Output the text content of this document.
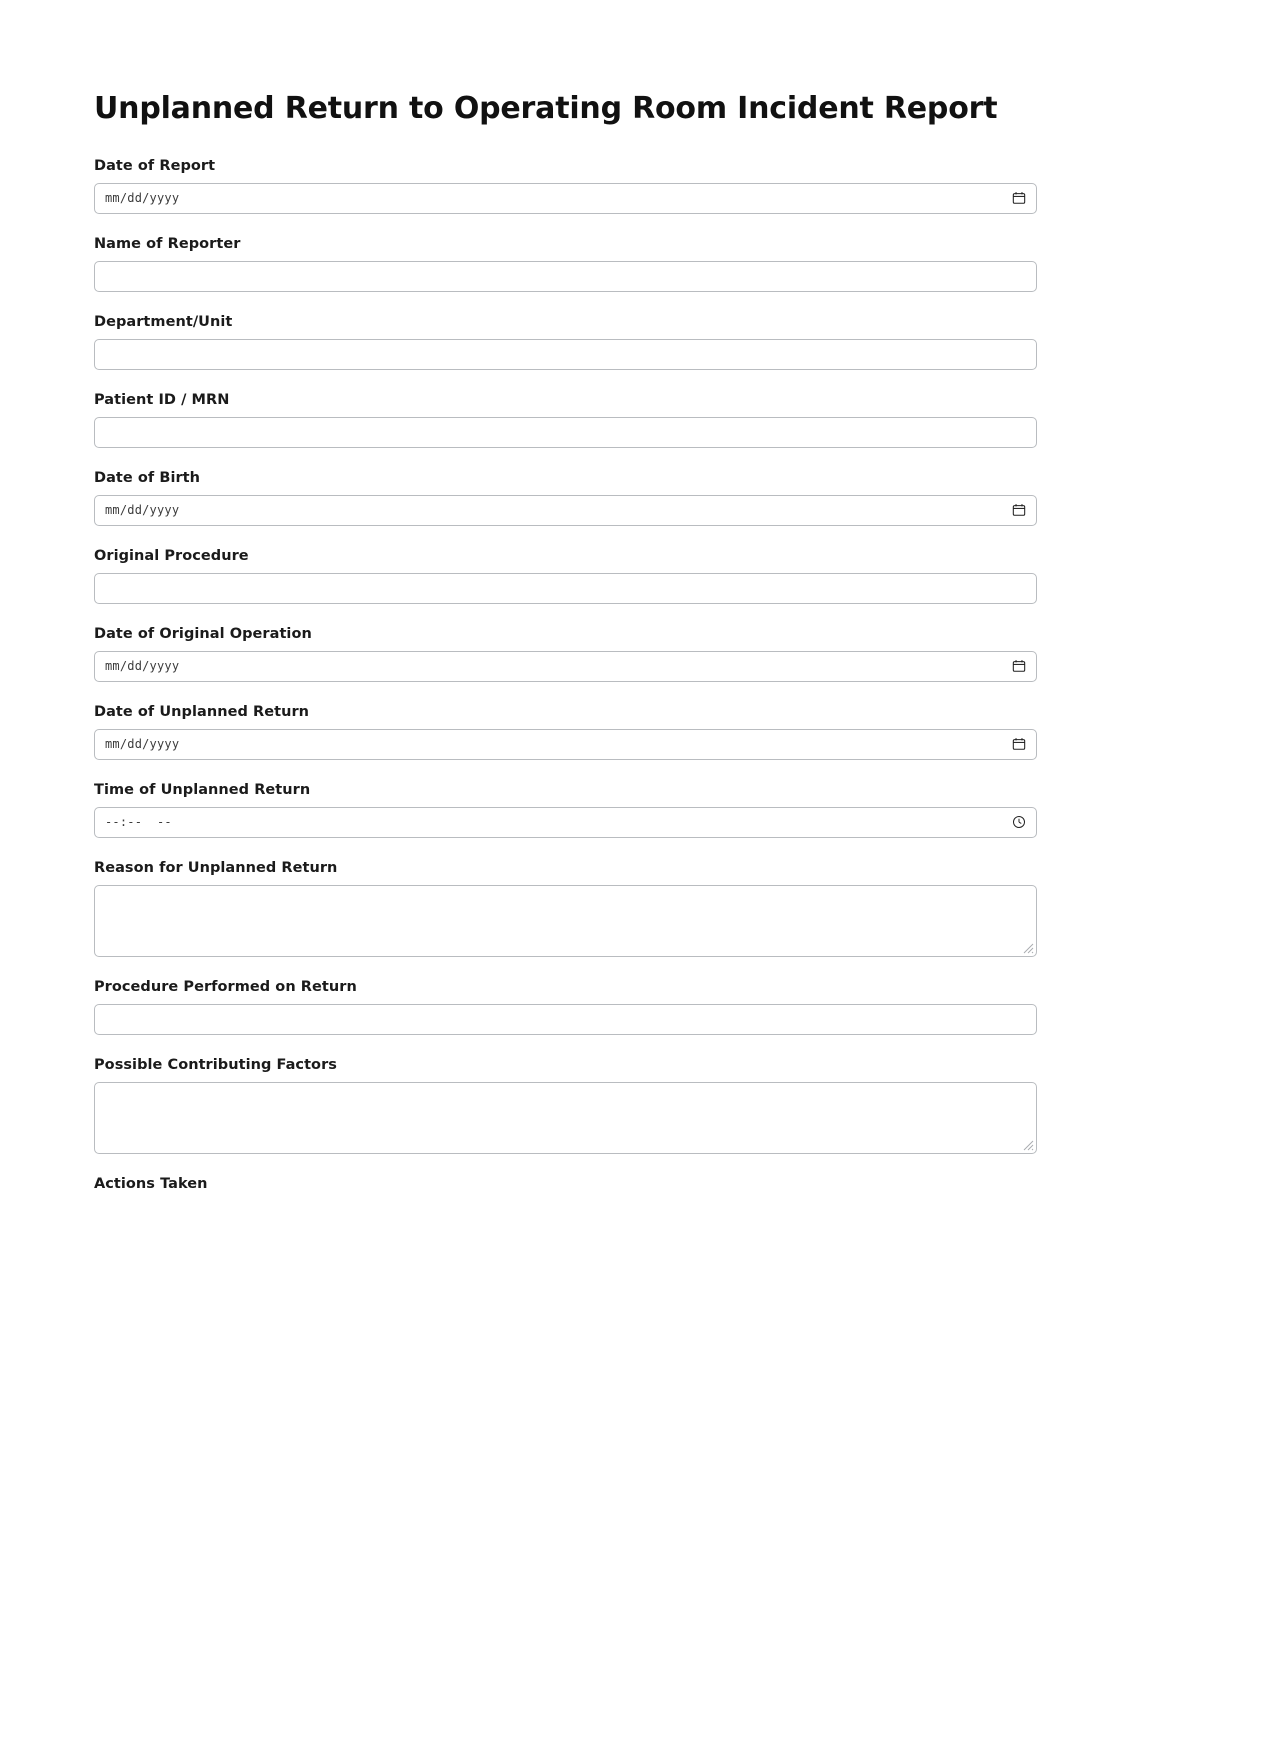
Unplanned Return to Operating Room Incident Report
Date of Report
mm/dd/yyyy
Name of Reporter
Department/Unit
Patient ID / MRN
Date of Birth
mm/dd/yyyy
Original Procedure
Date of Original Operation
mm/dd/yyyy
Date of Unplanned Return
mm/dd/yyyy
Time of Unplanned Return
--:--  --
Reason for Unplanned Return
Procedure Performed on Return
Possible Contributing Factors
Actions Taken
